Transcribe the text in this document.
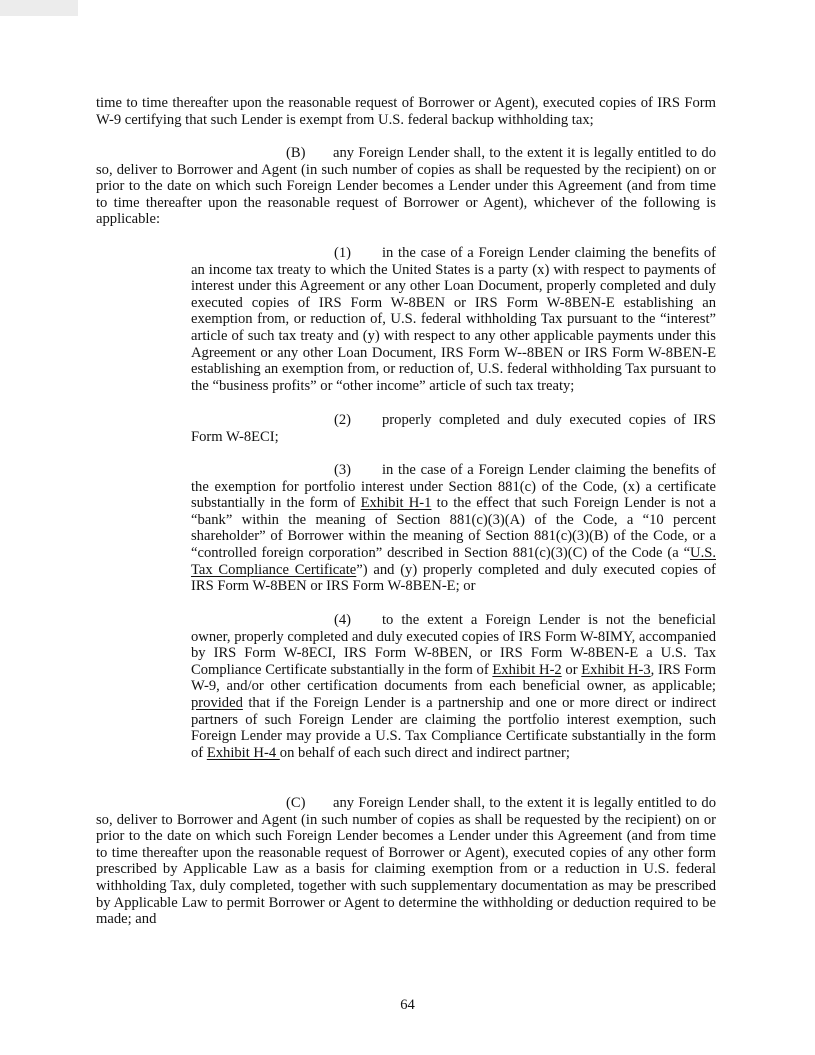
time to time thereafter upon the reasonable request of Borrower or Agent), executed copies of IRS Form W-9 certifying that such Lender is exempt from U.S. federal backup withholding tax;

(B) any Foreign Lender shall, to the extent it is legally entitled to do so, deliver to Borrower and Agent (in such number of copies as shall be requested by the recipient) on or prior to the date on which such Foreign Lender becomes a Lender under this Agreement (and from time to time thereafter upon the reasonable request of Borrower or Agent), whichever of the following is applicable:

(1) in the case of a Foreign Lender claiming the benefits of an income tax treaty to which the United States is a party (x) with respect to payments of interest under this Agreement or any other Loan Document, properly completed and duly executed copies of IRS Form W-8BEN or IRS Form W-8BEN-E establishing an exemption from, or reduction of, U.S. federal withholding Tax pursuant to the “interest” article of such tax treaty and (y) with respect to any other applicable payments under this Agreement or any other Loan Document, IRS Form W--8BEN or IRS Form W-8BEN-E establishing an exemption from, or reduction of, U.S. federal withholding Tax pursuant to the “business profits” or “other income” article of such tax treaty;

(2) properly completed and duly executed copies of IRS Form W-8ECI;

(3) in the case of a Foreign Lender claiming the benefits of the exemption for portfolio interest under Section 881(c) of the Code, (x) a certificate substantially in the form of Exhibit H-1 to the effect that such Foreign Lender is not a “bank” within the meaning of Section 881(c)(3)(A) of the Code, a “10 percent shareholder” of Borrower within the meaning of Section 881(c)(3)(B) of the Code, or a “controlled foreign corporation” described in Section 881(c)(3)(C) of the Code (a “U.S. Tax Compliance Certificate”) and (y) properly completed and duly executed copies of IRS Form W-8BEN or IRS Form W-8BEN-E; or

(4) to the extent a Foreign Lender is not the beneficial owner, properly completed and duly executed copies of IRS Form W-8IMY, accompanied by IRS Form W-8ECI, IRS Form W-8BEN, or IRS Form W-8BEN-E a U.S. Tax Compliance Certificate substantially in the form of Exhibit H-2 or Exhibit H-3, IRS Form W-9, and/or other certification documents from each beneficial owner, as applicable; provided that if the Foreign Lender is a partnership and one or more direct or indirect partners of such Foreign Lender are claiming the portfolio interest exemption, such Foreign Lender may provide a U.S. Tax Compliance Certificate substantially in the form of Exhibit H-4 on behalf of each such direct and indirect partner;

(C) any Foreign Lender shall, to the extent it is legally entitled to do so, deliver to Borrower and Agent (in such number of copies as shall be requested by the recipient) on or prior to the date on which such Foreign Lender becomes a Lender under this Agreement (and from time to time thereafter upon the reasonable request of Borrower or Agent), executed copies of any other form prescribed by Applicable Law as a basis for claiming exemption from or a reduction in U.S. federal withholding Tax, duly completed, together with such supplementary documentation as may be prescribed by Applicable Law to permit Borrower or Agent to determine the withholding or deduction required to be made; and

64
